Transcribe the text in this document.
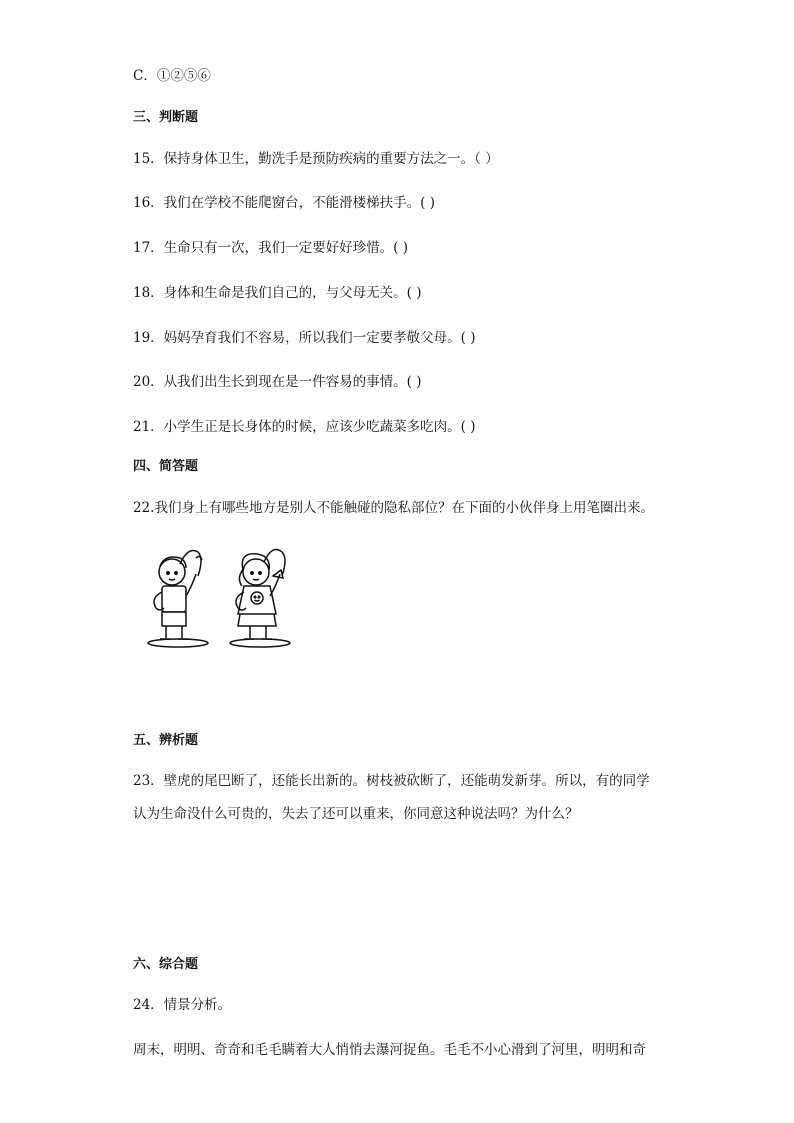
C．①②⑤⑥
三、判断题
15．保持身体卫生，勤洗手是预防疾病的重要方法之一。（ ）
16．我们在学校不能爬窗台，不能滑楼梯扶手。( )
17．生命只有一次，我们一定要好好珍惜。( )
18．身体和生命是我们自己的，与父母无关。( )
19．妈妈孕育我们不容易，所以我们一定要孝敬父母。( )
20．从我们出生长到现在是一件容易的事情。( )
21．小学生正是长身体的时候，应该少吃蔬菜多吃肉。( )
四、简答题
22.我们身上有哪些地方是别人不能触碰的隐私部位？在下面的小伙伴身上用笔圈出来。
五、辨析题
23．壁虎的尾巴断了，还能长出新的。树枝被砍断了，还能萌发新芽。所以，有的同学
认为生命没什么可贵的，失去了还可以重来，你同意这种说法吗？为什么？
六、综合题
24．情景分析。
周末，明明、奇奇和毛毛瞒着大人悄悄去瀑河捉鱼。毛毛不小心滑到了河里，明明和奇
